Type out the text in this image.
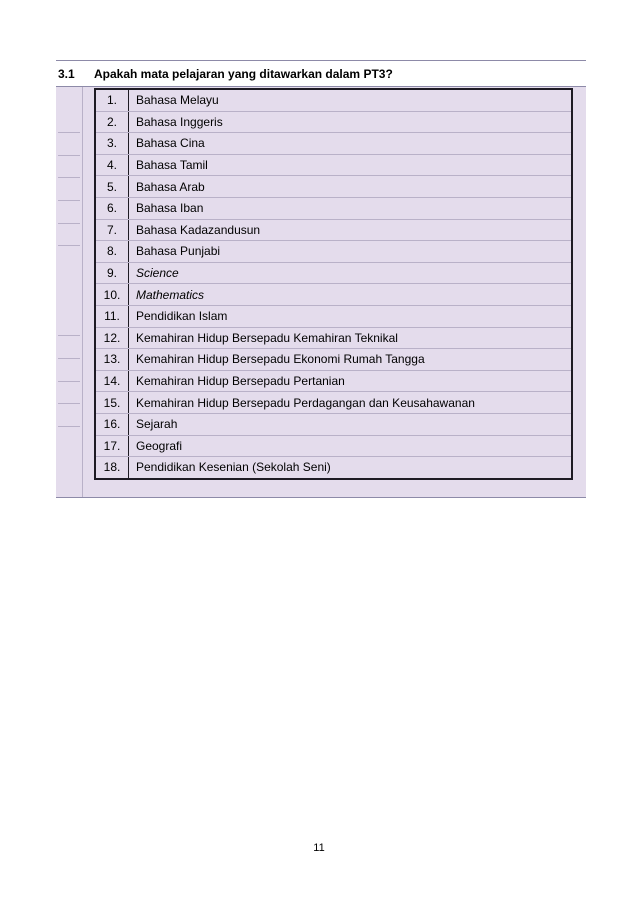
3.1	Apakah mata pelajaran yang ditawarkan dalam PT3?
1.	Bahasa Melayu
2.	Bahasa Inggeris
3.	Bahasa Cina
4.	Bahasa Tamil
5.	Bahasa Arab
6.	Bahasa Iban
7.	Bahasa Kadazandusun
8.	Bahasa Punjabi
9.	Science
10.	Mathematics
11.	Pendidikan Islam
12.	Kemahiran Hidup Bersepadu Kemahiran Teknikal
13.	Kemahiran Hidup Bersepadu Ekonomi Rumah Tangga
14.	Kemahiran Hidup Bersepadu Pertanian
15.	Kemahiran Hidup Bersepadu Perdagangan dan Keusahawanan
16.	Sejarah
17.	Geografi
18.	Pendidikan Kesenian (Sekolah Seni)
11
